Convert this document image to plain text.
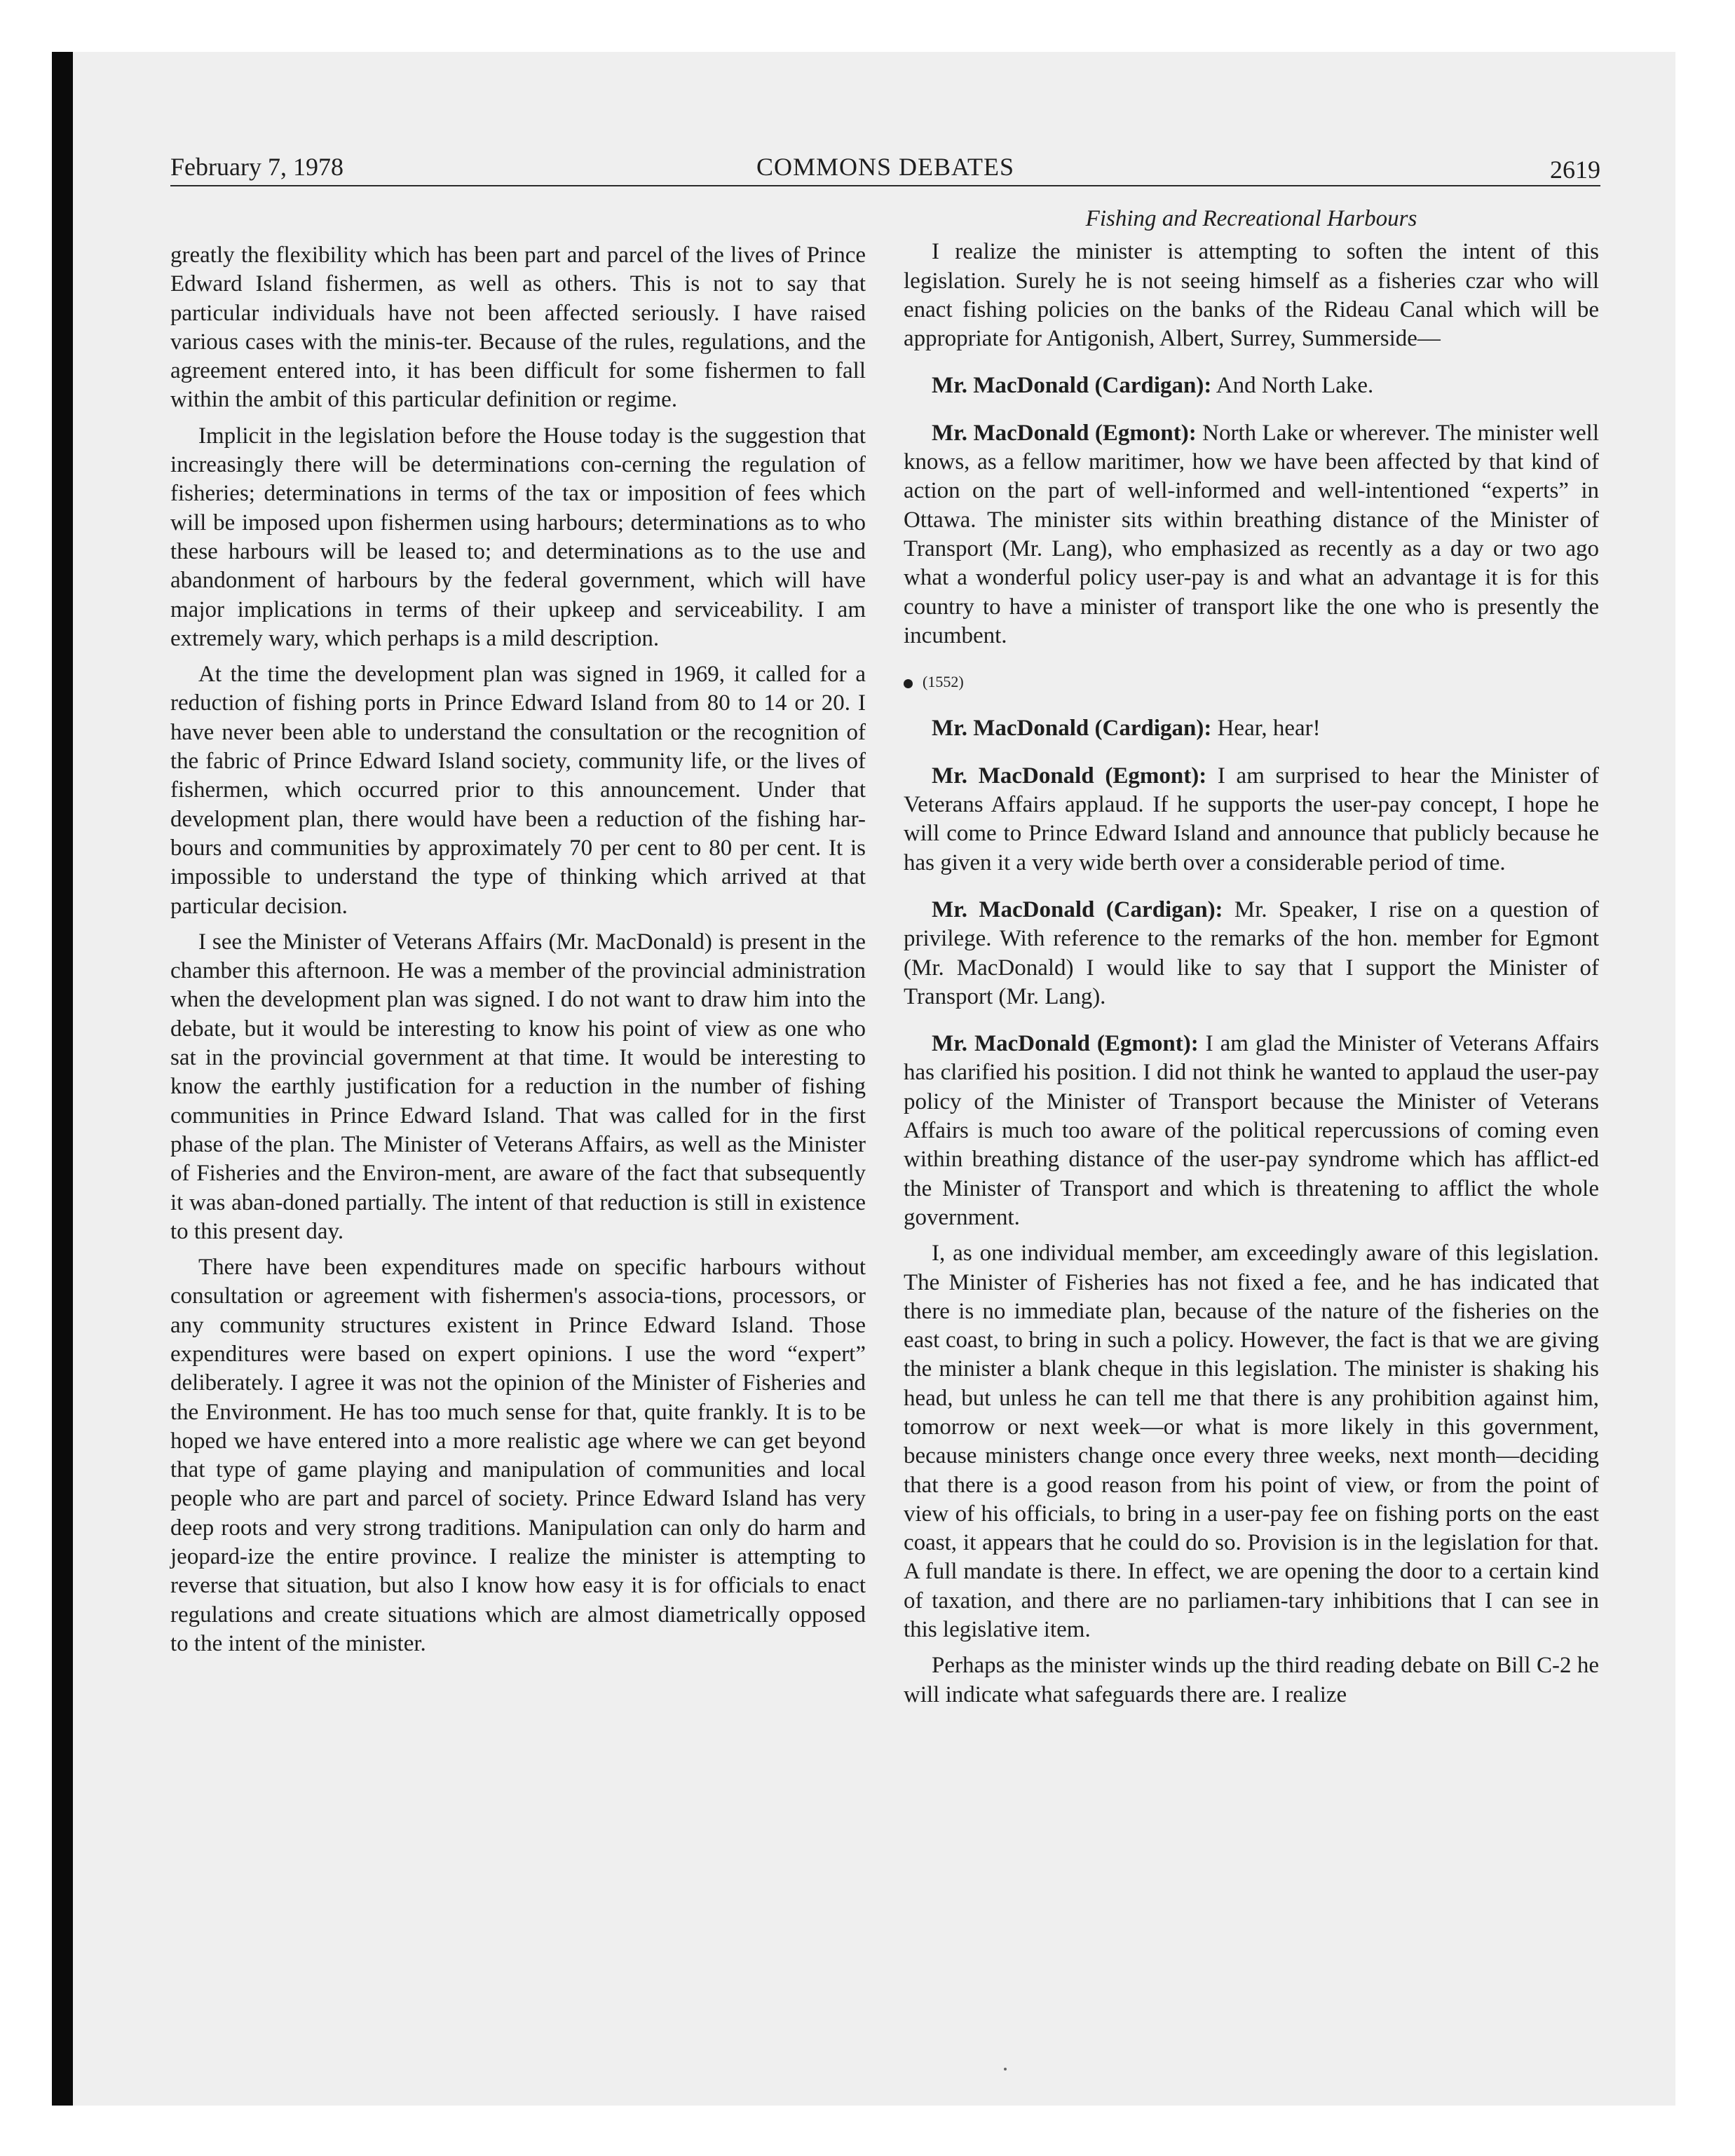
February 7, 1978	COMMONS DEBATES	2619

greatly the flexibility which has been part and parcel of the lives of Prince Edward Island fishermen, as well as others. This is not to say that particular individuals have not been affected seriously. I have raised various cases with the minis-ter. Because of the rules, regulations, and the agreement entered into, it has been difficult for some fishermen to fall within the ambit of this particular definition or regime.

Implicit in the legislation before the House today is the suggestion that increasingly there will be determinations con-cerning the regulation of fisheries; determinations in terms of the tax or imposition of fees which will be imposed upon fishermen using harbours; determinations as to who these harbours will be leased to; and determinations as to the use and abandonment of harbours by the federal government, which will have major implications in terms of their upkeep and serviceability. I am extremely wary, which perhaps is a mild description.

At the time the development plan was signed in 1969, it called for a reduction of fishing ports in Prince Edward Island from 80 to 14 or 20. I have never been able to understand the consultation or the recognition of the fabric of Prince Edward Island society, community life, or the lives of fishermen, which occurred prior to this announcement. Under that development plan, there would have been a reduction of the fishing har-bours and communities by approximately 70 per cent to 80 per cent. It is impossible to understand the type of thinking which arrived at that particular decision.

I see the Minister of Veterans Affairs (Mr. MacDonald) is present in the chamber this afternoon. He was a member of the provincial administration when the development plan was signed. I do not want to draw him into the debate, but it would be interesting to know his point of view as one who sat in the provincial government at that time. It would be interesting to know the earthly justification for a reduction in the number of fishing communities in Prince Edward Island. That was called for in the first phase of the plan. The Minister of Veterans Affairs, as well as the Minister of Fisheries and the Environ-ment, are aware of the fact that subsequently it was aban-doned partially. The intent of that reduction is still in existence to this present day.

There have been expenditures made on specific harbours without consultation or agreement with fishermen's associa-tions, processors, or any community structures existent in Prince Edward Island. Those expenditures were based on expert opinions. I use the word “expert” deliberately. I agree it was not the opinion of the Minister of Fisheries and the Environment. He has too much sense for that, quite frankly. It is to be hoped we have entered into a more realistic age where we can get beyond that type of game playing and manipulation of communities and local people who are part and parcel of society. Prince Edward Island has very deep roots and very strong traditions. Manipulation can only do harm and jeopard-ize the entire province. I realize the minister is attempting to reverse that situation, but also I know how easy it is for officials to enact regulations and create situations which are almost diametrically opposed to the intent of the minister.

Fishing and Recreational Harbours

I realize the minister is attempting to soften the intent of this legislation. Surely he is not seeing himself as a fisheries czar who will enact fishing policies on the banks of the Rideau Canal which will be appropriate for Antigonish, Albert, Surrey, Summerside—

Mr. MacDonald (Cardigan): And North Lake.

Mr. MacDonald (Egmont): North Lake or wherever. The minister well knows, as a fellow maritimer, how we have been affected by that kind of action on the part of well-informed and well-intentioned “experts” in Ottawa. The minister sits within breathing distance of the Minister of Transport (Mr. Lang), who emphasized as recently as a day or two ago what a wonderful policy user-pay is and what an advantage it is for this country to have a minister of transport like the one who is presently the incumbent.

(1552)

Mr. MacDonald (Cardigan): Hear, hear!

Mr. MacDonald (Egmont): I am surprised to hear the Minister of Veterans Affairs applaud. If he supports the user-pay concept, I hope he will come to Prince Edward Island and announce that publicly because he has given it a very wide berth over a considerable period of time.

Mr. MacDonald (Cardigan): Mr. Speaker, I rise on a question of privilege. With reference to the remarks of the hon. member for Egmont (Mr. MacDonald) I would like to say that I support the Minister of Transport (Mr. Lang).

Mr. MacDonald (Egmont): I am glad the Minister of Veterans Affairs has clarified his position. I did not think he wanted to applaud the user-pay policy of the Minister of Transport because the Minister of Veterans Affairs is much too aware of the political repercussions of coming even within breathing distance of the user-pay syndrome which has afflict-ed the Minister of Transport and which is threatening to afflict the whole government.

I, as one individual member, am exceedingly aware of this legislation. The Minister of Fisheries has not fixed a fee, and he has indicated that there is no immediate plan, because of the nature of the fisheries on the east coast, to bring in such a policy. However, the fact is that we are giving the minister a blank cheque in this legislation. The minister is shaking his head, but unless he can tell me that there is any prohibition against him, tomorrow or next week—or what is more likely in this government, because ministers change once every three weeks, next month—deciding that there is a good reason from his point of view, or from the point of view of his officials, to bring in a user-pay fee on fishing ports on the east coast, it appears that he could do so. Provision is in the legislation for that. A full mandate is there. In effect, we are opening the door to a certain kind of taxation, and there are no parliamen-tary inhibitions that I can see in this legislative item.

Perhaps as the minister winds up the third reading debate on Bill C-2 he will indicate what safeguards there are. I realize
